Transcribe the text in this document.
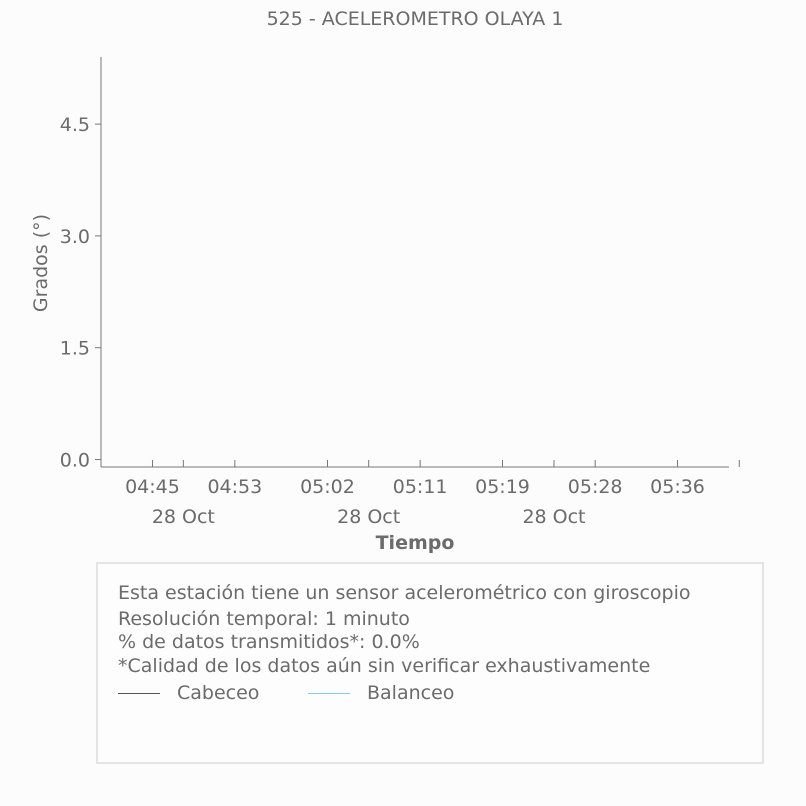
525 - ACELEROMETRO OLAYA 1
Grados (°)
Tiempo
0.0
1.5
3.0
4.5
04:45 04:53 05:02 05:11 05:19 05:28 05:36
28 Oct	28 Oct	28 Oct
Esta estación tiene un sensor acelerométrico con giroscopio
Resolución temporal: 1 minuto
% de datos transmitidos*: 0.0%
*Calidad de los datos aún sin verificar exhaustivamente
Cabeceo	Balanceo
